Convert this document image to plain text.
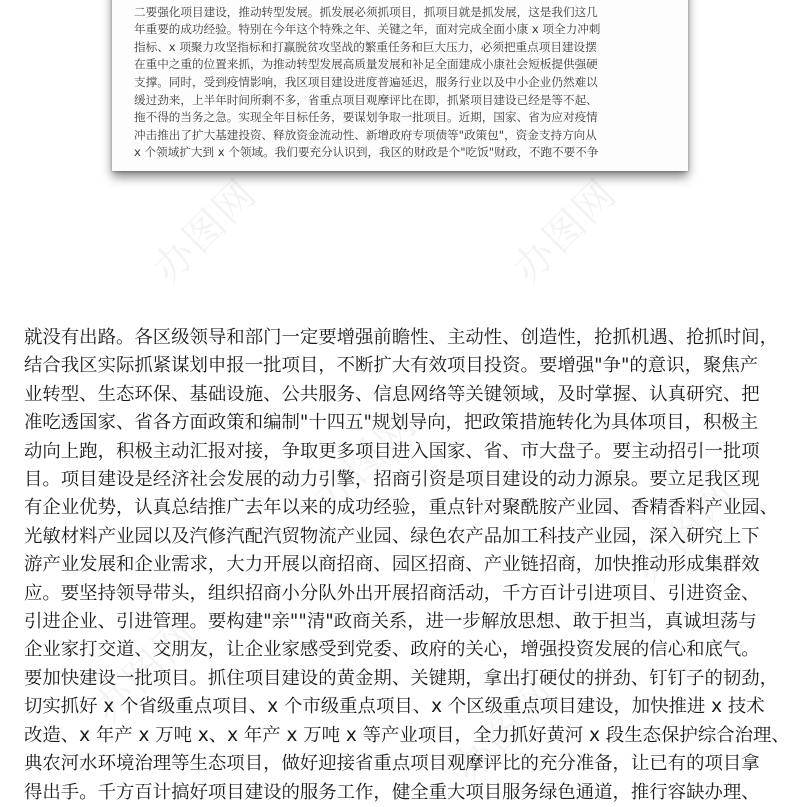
办图网	办图网
办图网
办图网
办图网	办图网

二要强化项目建设，推动转型发展。抓发展必须抓项目，抓项目就是抓发展，这是我们这几

年重要的成功经验。特别在今年这个特殊之年、关键之年，面对完成全面小康 x 项全力冲刺

指标、x 项聚力攻坚指标和打赢脱贫攻坚战的繁重任务和巨大压力，必须把重点项目建设摆

在重中之重的位置来抓，为推动转型发展高质量发展和补足全面建成小康社会短板提供强硬

支撑。同时，受到疫情影响，我区项目建设进度普遍延迟，服务行业以及中小企业仍然难以

缓过劲来，上半年时间所剩不多，省重点项目观摩评比在即，抓紧项目建设已经是等不起、

拖不得的当务之急。实现全年目标任务，要谋划争取一批项目。近期，国家、省为应对疫情

冲击推出了扩大基建投资、释放资金流动性、新增政府专项债等"政策包"，资金支持方向从

x 个领域扩大到 x 个领域。我们要充分认识到，我区的财政是个"吃饭"财政，不跑不要不争

就没有出路。各区级领导和部门一定要增强前瞻性、主动性、创造性，抢抓机遇、抢抓时间，

结合我区实际抓紧谋划申报一批项目，不断扩大有效项目投资。要增强"争"的意识，聚焦产

业转型、生态环保、基础设施、公共服务、信息网络等关键领域，及时掌握、认真研究、把

准吃透国家、省各方面政策和编制"十四五"规划导向，把政策措施转化为具体项目，积极主

动向上跑，积极主动汇报对接，争取更多项目进入国家、省、市大盘子。要主动招引一批项

目。项目建设是经济社会发展的动力引擎，招商引资是项目建设的动力源泉。要立足我区现

有企业优势，认真总结推广去年以来的成功经验，重点针对聚酰胺产业园、香精香料产业园、

光敏材料产业园以及汽修汽配汽贸物流产业园、绿色农产品加工科技产业园，深入研究上下

游产业发展和企业需求，大力开展以商招商、园区招商、产业链招商，加快推动形成集群效

应。要坚持领导带头，组织招商小分队外出开展招商活动，千方百计引进项目、引进资金、

引进企业、引进管理。要构建"亲""清"政商关系，进一步解放思想、敢于担当，真诚坦荡与

企业家打交道、交朋友，让企业家感受到党委、政府的关心，增强投资发展的信心和底气。

要加快建设一批项目。抓住项目建设的黄金期、关键期，拿出打硬仗的拼劲、钉钉子的韧劲，

切实抓好 x 个省级重点项目、x 个市级重点项目、x 个区级重点项目建设，加快推进 x 技术

改造、x 年产 x 万吨 x、x 年产 x 万吨 x 等产业项目，全力抓好黄河 x 段生态保护综合治理、

典农河水环境治理等生态项目，做好迎接省重点项目观摩评比的充分准备，让已有的项目拿

得出手。千方百计搞好项目建设的服务工作，健全重大项目服务绿色通道，推行容缺办理、
